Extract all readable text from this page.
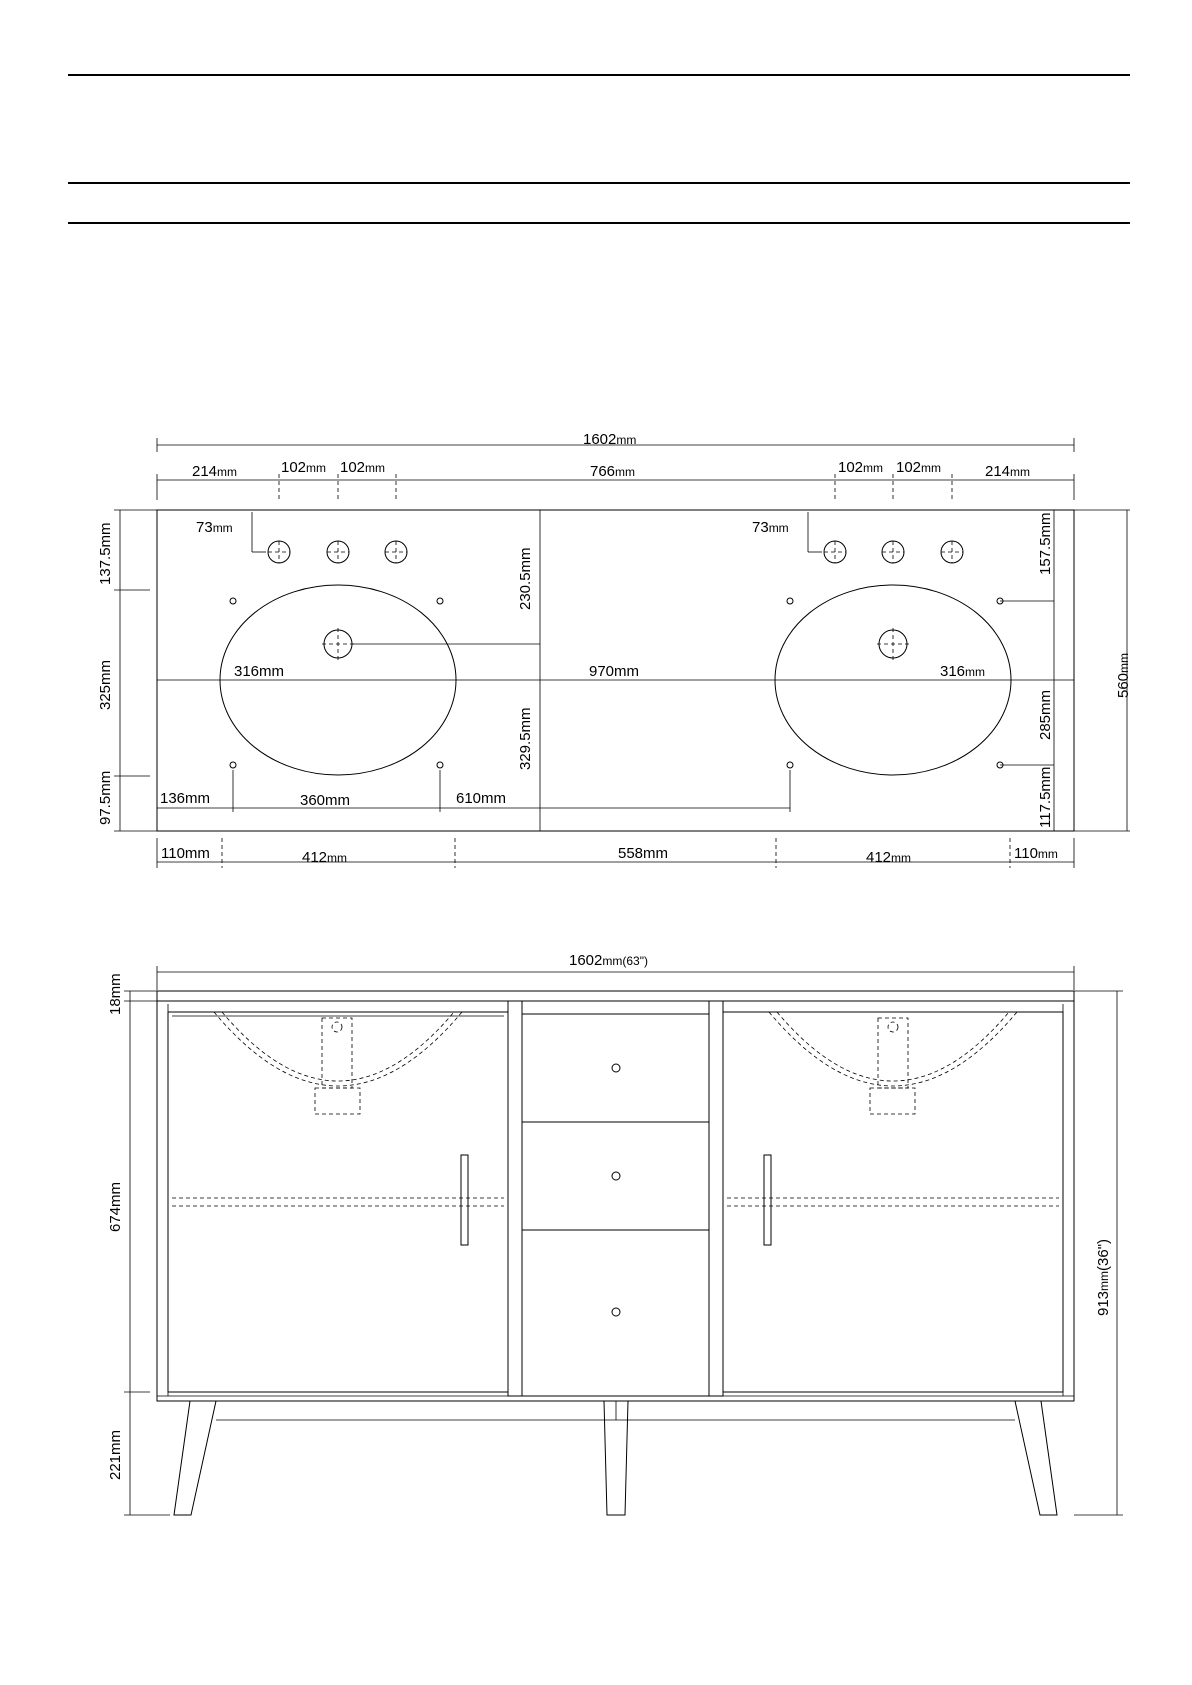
1602mm
214mm	102mm 102mm	766mm	102mm 102mm	214mm
73mm	73mm
316mm	970mm	316mm
230.5mm
329.5mm
136mm	360mm	610mm
137.5mm
325mm
97.5mm
157.5mm
285mm
117.5mm
560mm
110mm	412mm	558mm	412mm	110mm
1602mm(63")
18mm
674mm
221mm
913mm(36")
